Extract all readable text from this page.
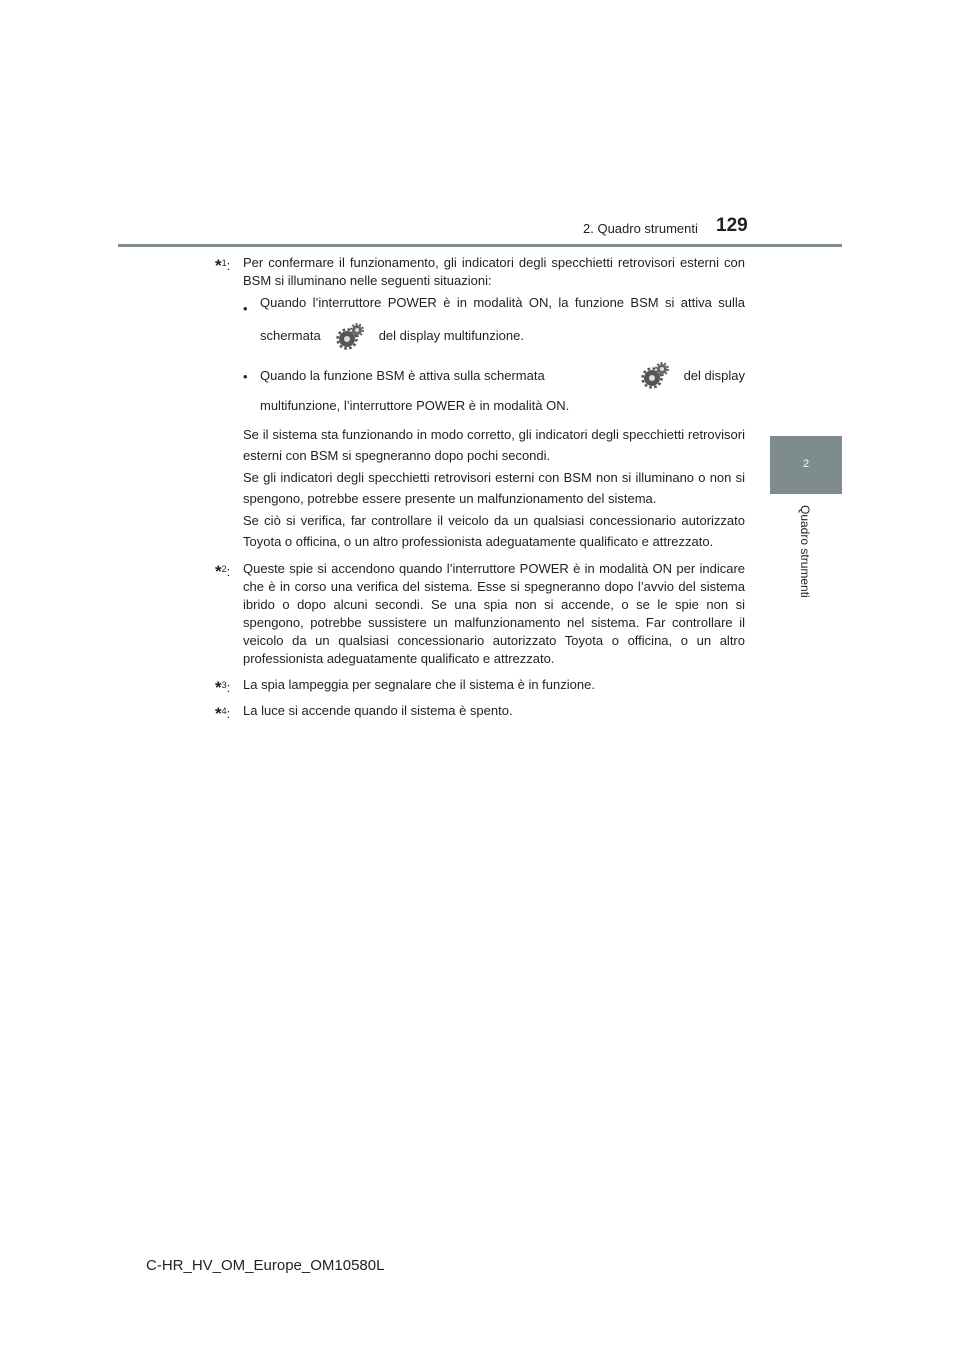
2. Quadro strumenti 129
2
Quadro strumenti
*$^1$: Per confermare il funzionamento, gli indicatori degli specchietti retrovisori esterni con BSM si illuminano nelle seguenti situazioni:
• Quando l’interruttore POWER è in modalità ON, la funzione BSM si attiva sulla
schermata	del display multifunzione.
• Quando la funzione BSM è attiva sulla schermata	del display
multifunzione, l’interruttore POWER è in modalità ON.

Se il sistema sta funzionando in modo corretto, gli indicatori degli specchietti retrovisori esterni con BSM si spegneranno dopo pochi secondi.

Se gli indicatori degli specchietti retrovisori esterni con BSM non si illuminano o non si spengono, potrebbe essere presente un malfunzionamento del sistema.

Se ciò si verifica, far controllare il veicolo da un qualsiasi concessionario autorizzato Toyota o officina, o un altro professionista adeguatamente qualificato e attrezzato.

*$^2$: Queste spie si accendono quando l’interruttore POWER è in modalità ON per indicare che è in corso una verifica del sistema. Esse si spegneranno dopo l’avvio del sistema ibrido o dopo alcuni secondi. Se una spia non si accende, o se le spie non si spengono, potrebbe sussistere un malfunzionamento nel sistema. Far controllare il veicolo da un qualsiasi concessionario autorizzato Toyota o officina, o un altro professionista adeguatamente qualificato e attrezzato.
*$^3$: La spia lampeggia per segnalare che il sistema è in funzione.
*$^4$: La luce si accende quando il sistema è spento.
C-HR_HV_OM_Europe_OM10580L
